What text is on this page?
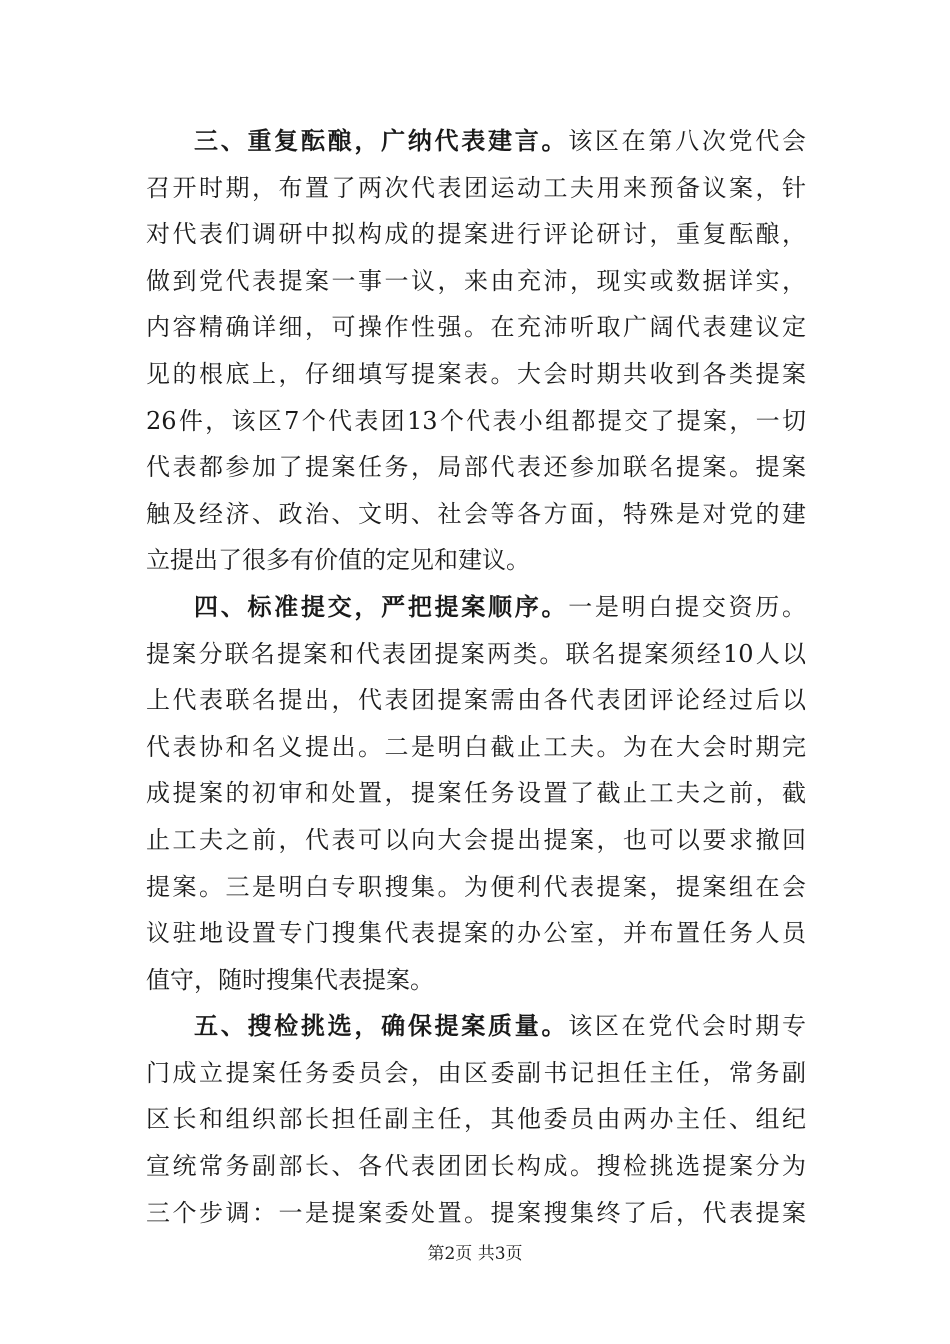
三、重复酝酿，广纳代表建言。该区在第八次党代会
召开时期，布置了两次代表团运动工夫用来预备议案，针
对代表们调研中拟构成的提案进行评论研讨，重复酝酿，
做到党代表提案一事一议，来由充沛，现实或数据详实，
内容精确详细，可操作性强。在充沛听取广阔代表建议定
见的根底上，仔细填写提案表。大会时期共收到各类提案
26件，该区7个代表团13个代表小组都提交了提案，一切
代表都参加了提案任务，局部代表还参加联名提案。提案
触及经济、政治、文明、社会等各方面，特殊是对党的建
立提出了很多有价值的定见和建议。
四、标准提交，严把提案顺序。一是明白提交资历。
提案分联名提案和代表团提案两类。联名提案须经10人以
上代表联名提出，代表团提案需由各代表团评论经过后以
代表协和名义提出。二是明白截止工夫。为在大会时期完
成提案的初审和处置，提案任务设置了截止工夫之前，截
止工夫之前，代表可以向大会提出提案，也可以要求撤回
提案。三是明白专职搜集。为便利代表提案，提案组在会
议驻地设置专门搜集代表提案的办公室，并布置任务人员
值守，随时搜集代表提案。
五、搜检挑选，确保提案质量。该区在党代会时期专
门成立提案任务委员会，由区委副书记担任主任，常务副
区长和组织部长担任副主任，其他委员由两办主任、组纪
宣统常务副部长、各代表团团长构成。搜检挑选提案分为
三个步调：一是提案委处置。提案搜集终了后，代表提案
第2页 共3页
